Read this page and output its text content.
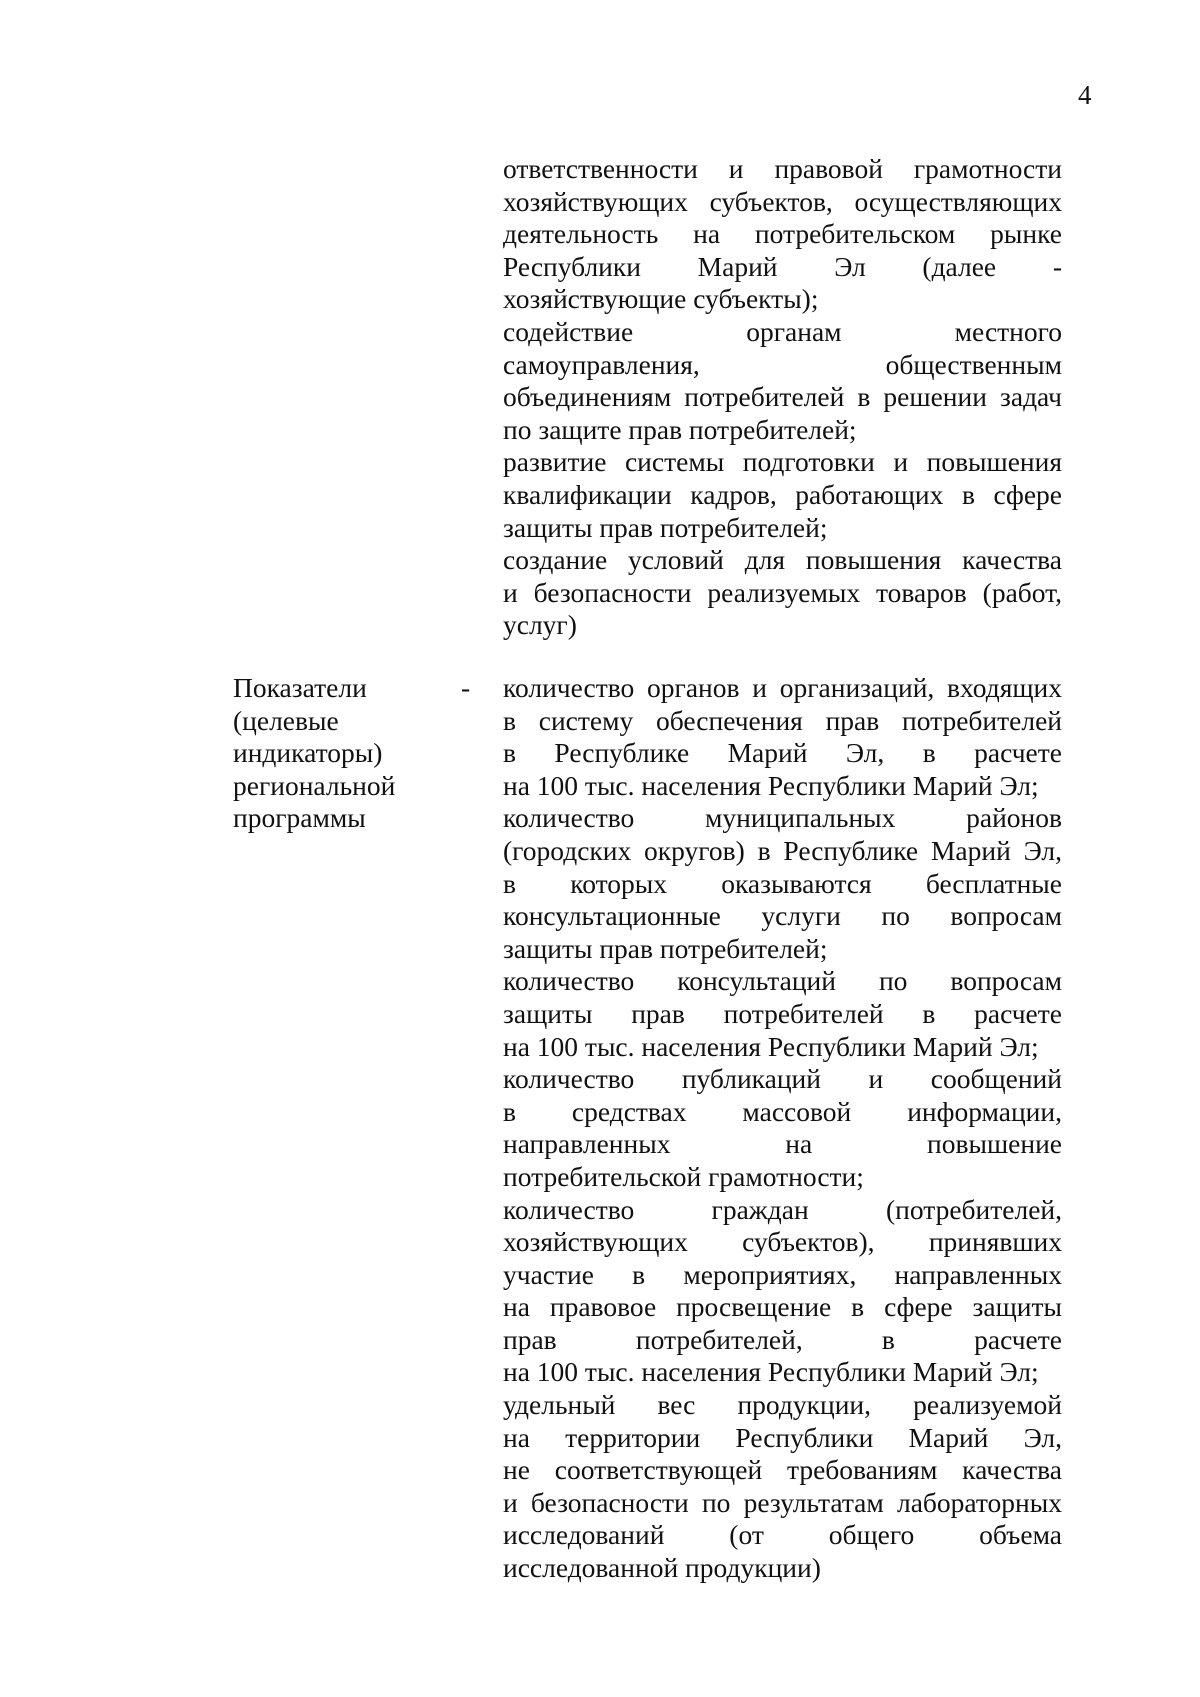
4
ответственности и правовой грамотности
хозяйствующих субъектов, осуществляющих
деятельность на потребительском рынке
Республики Марий Эл (далее -
хозяйствующие субъекты);
содействие органам местного
самоуправления, общественным
объединениям потребителей в решении задач
по защите прав потребителей;
развитие системы подготовки и повышения
квалификации кадров, работающих в сфере
защиты прав потребителей;
создание условий для повышения качества
и безопасности реализуемых товаров (работ,
услуг)
Показатели
(целевые
индикаторы)
региональной
программы
- количество органов и организаций, входящих
в систему обеспечения прав потребителей
в Республике Марий Эл, в расчете
на 100 тыс. населения Республики Марий Эл;
количество муниципальных районов
(городских округов) в Республике Марий Эл,
в которых оказываются бесплатные
консультационные услуги по вопросам
защиты прав потребителей;
количество консультаций по вопросам
защиты прав потребителей в расчете
на 100 тыс. населения Республики Марий Эл;
количество публикаций и сообщений
в средствах массовой информации,
направленных на повышение
потребительской грамотности;
количество граждан (потребителей,
хозяйствующих субъектов), принявших
участие в мероприятиях, направленных
на правовое просвещение в сфере защиты
прав потребителей, в расчете
на 100 тыс. населения Республики Марий Эл;
удельный вес продукции, реализуемой
на территории Республики Марий Эл,
не соответствующей требованиям качества
и безопасности по результатам лабораторных
исследований (от общего объема
исследованной продукции)
